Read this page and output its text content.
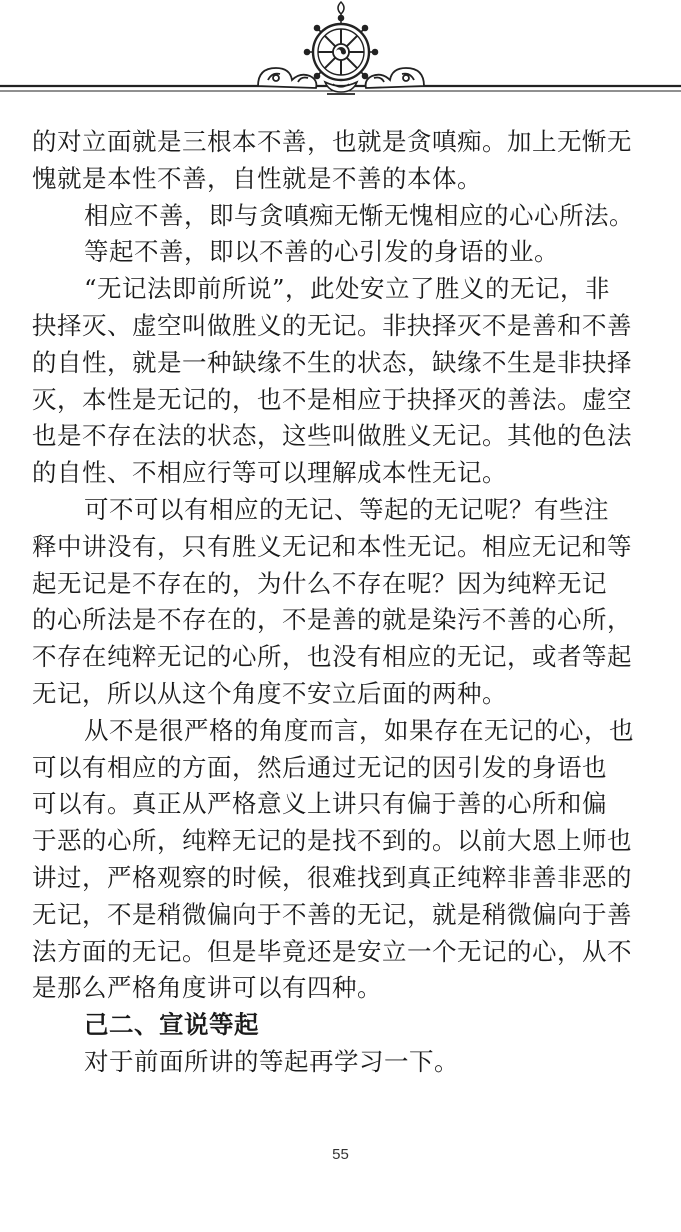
的对立面就是三根本不善，也就是贪嗔痴。加上无惭无
愧就是本性不善，自性就是不善的本体。
相应不善，即与贪嗔痴无惭无愧相应的心心所法。
等起不善，即以不善的心引发的身语的业。
“无记法即前所说”，此处安立了胜义的无记，非
抉择灭、虚空叫做胜义的无记。非抉择灭不是善和不善
的自性，就是一种缺缘不生的状态，缺缘不生是非抉择
灭，本性是无记的，也不是相应于抉择灭的善法。虚空
也是不存在法的状态，这些叫做胜义无记。其他的色法
的自性、不相应行等可以理解成本性无记。
可不可以有相应的无记、等起的无记呢？有些注
释中讲没有，只有胜义无记和本性无记。相应无记和等
起无记是不存在的，为什么不存在呢？因为纯粹无记
的心所法是不存在的，不是善的就是染污不善的心所，
不存在纯粹无记的心所，也没有相应的无记，或者等起
无记，所以从这个角度不安立后面的两种。
从不是很严格的角度而言，如果存在无记的心，也
可以有相应的方面，然后通过无记的因引发的身语也
可以有。真正从严格意义上讲只有偏于善的心所和偏
于恶的心所，纯粹无记的是找不到的。以前大恩上师也
讲过，严格观察的时候，很难找到真正纯粹非善非恶的
无记，不是稍微偏向于不善的无记，就是稍微偏向于善
法方面的无记。但是毕竟还是安立一个无记的心，从不
是那么严格角度讲可以有四种。
己二、宣说等起
对于前面所讲的等起再学习一下。
55
